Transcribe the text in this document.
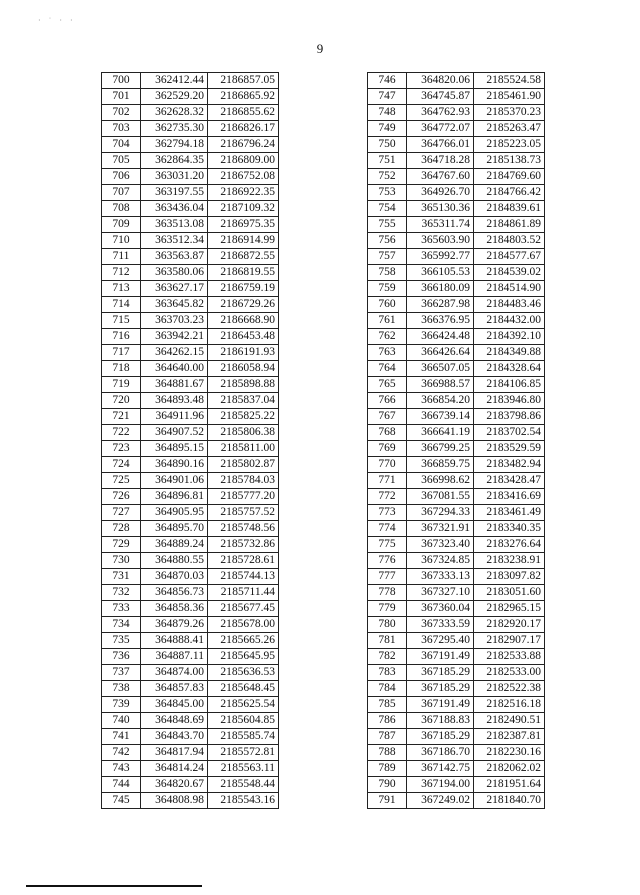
· ˙ · ·
9
700	362412.44	2186857.05
701	362529.20	2186865.92
702	362628.32	2186855.62
703	362735.30	2186826.17
704	362794.18	2186796.24
705	362864.35	2186809.00
706	363031.20	2186752.08
707	363197.55	2186922.35
708	363436.04	2187109.32
709	363513.08	2186975.35
710	363512.34	2186914.99
711	363563.87	2186872.55
712	363580.06	2186819.55
713	363627.17	2186759.19
714	363645.82	2186729.26
715	363703.23	2186668.90
716	363942.21	2186453.48
717	364262.15	2186191.93
718	364640.00	2186058.94
719	364881.67	2185898.88
720	364893.48	2185837.04
721	364911.96	2185825.22
722	364907.52	2185806.38
723	364895.15	2185811.00
724	364890.16	2185802.87
725	364901.06	2185784.03
726	364896.81	2185777.20
727	364905.95	2185757.52
728	364895.70	2185748.56
729	364889.24	2185732.86
730	364880.55	2185728.61
731	364870.03	2185744.13
732	364856.73	2185711.44
733	364858.36	2185677.45
734	364879.26	2185678.00
735	364888.41	2185665.26
736	364887.11	2185645.95
737	364874.00	2185636.53
738	364857.83	2185648.45
739	364845.00	2185625.54
740	364848.69	2185604.85
741	364843.70	2185585.74
742	364817.94	2185572.81
743	364814.24	2185563.11
744	364820.67	2185548.44
745	364808.98	2185543.16
746	364820.06	2185524.58
747	364745.87	2185461.90
748	364762.93	2185370.23
749	364772.07	2185263.47
750	364766.01	2185223.05
751	364718.28	2185138.73
752	364767.60	2184769.60
753	364926.70	2184766.42
754	365130.36	2184839.61
755	365311.74	2184861.89
756	365603.90	2184803.52
757	365992.77	2184577.67
758	366105.53	2184539.02
759	366180.09	2184514.90
760	366287.98	2184483.46
761	366376.95	2184432.00
762	366424.48	2184392.10
763	366426.64	2184349.88
764	366507.05	2184328.64
765	366988.57	2184106.85
766	366854.20	2183946.80
767	366739.14	2183798.86
768	366641.19	2183702.54
769	366799.25	2183529.59
770	366859.75	2183482.94
771	366998.62	2183428.47
772	367081.55	2183416.69
773	367294.33	2183461.49
774	367321.91	2183340.35
775	367323.40	2183276.64
776	367324.85	2183238.91
777	367333.13	2183097.82
778	367327.10	2183051.60
779	367360.04	2182965.15
780	367333.59	2182920.17
781	367295.40	2182907.17
782	367191.49	2182533.88
783	367185.29	2182533.00
784	367185.29	2182522.38
785	367191.49	2182516.18
786	367188.83	2182490.51
787	367185.29	2182387.81
788	367186.70	2182230.16
789	367142.75	2182062.02
790	367194.00	2181951.64
791	367249.02	2181840.70
